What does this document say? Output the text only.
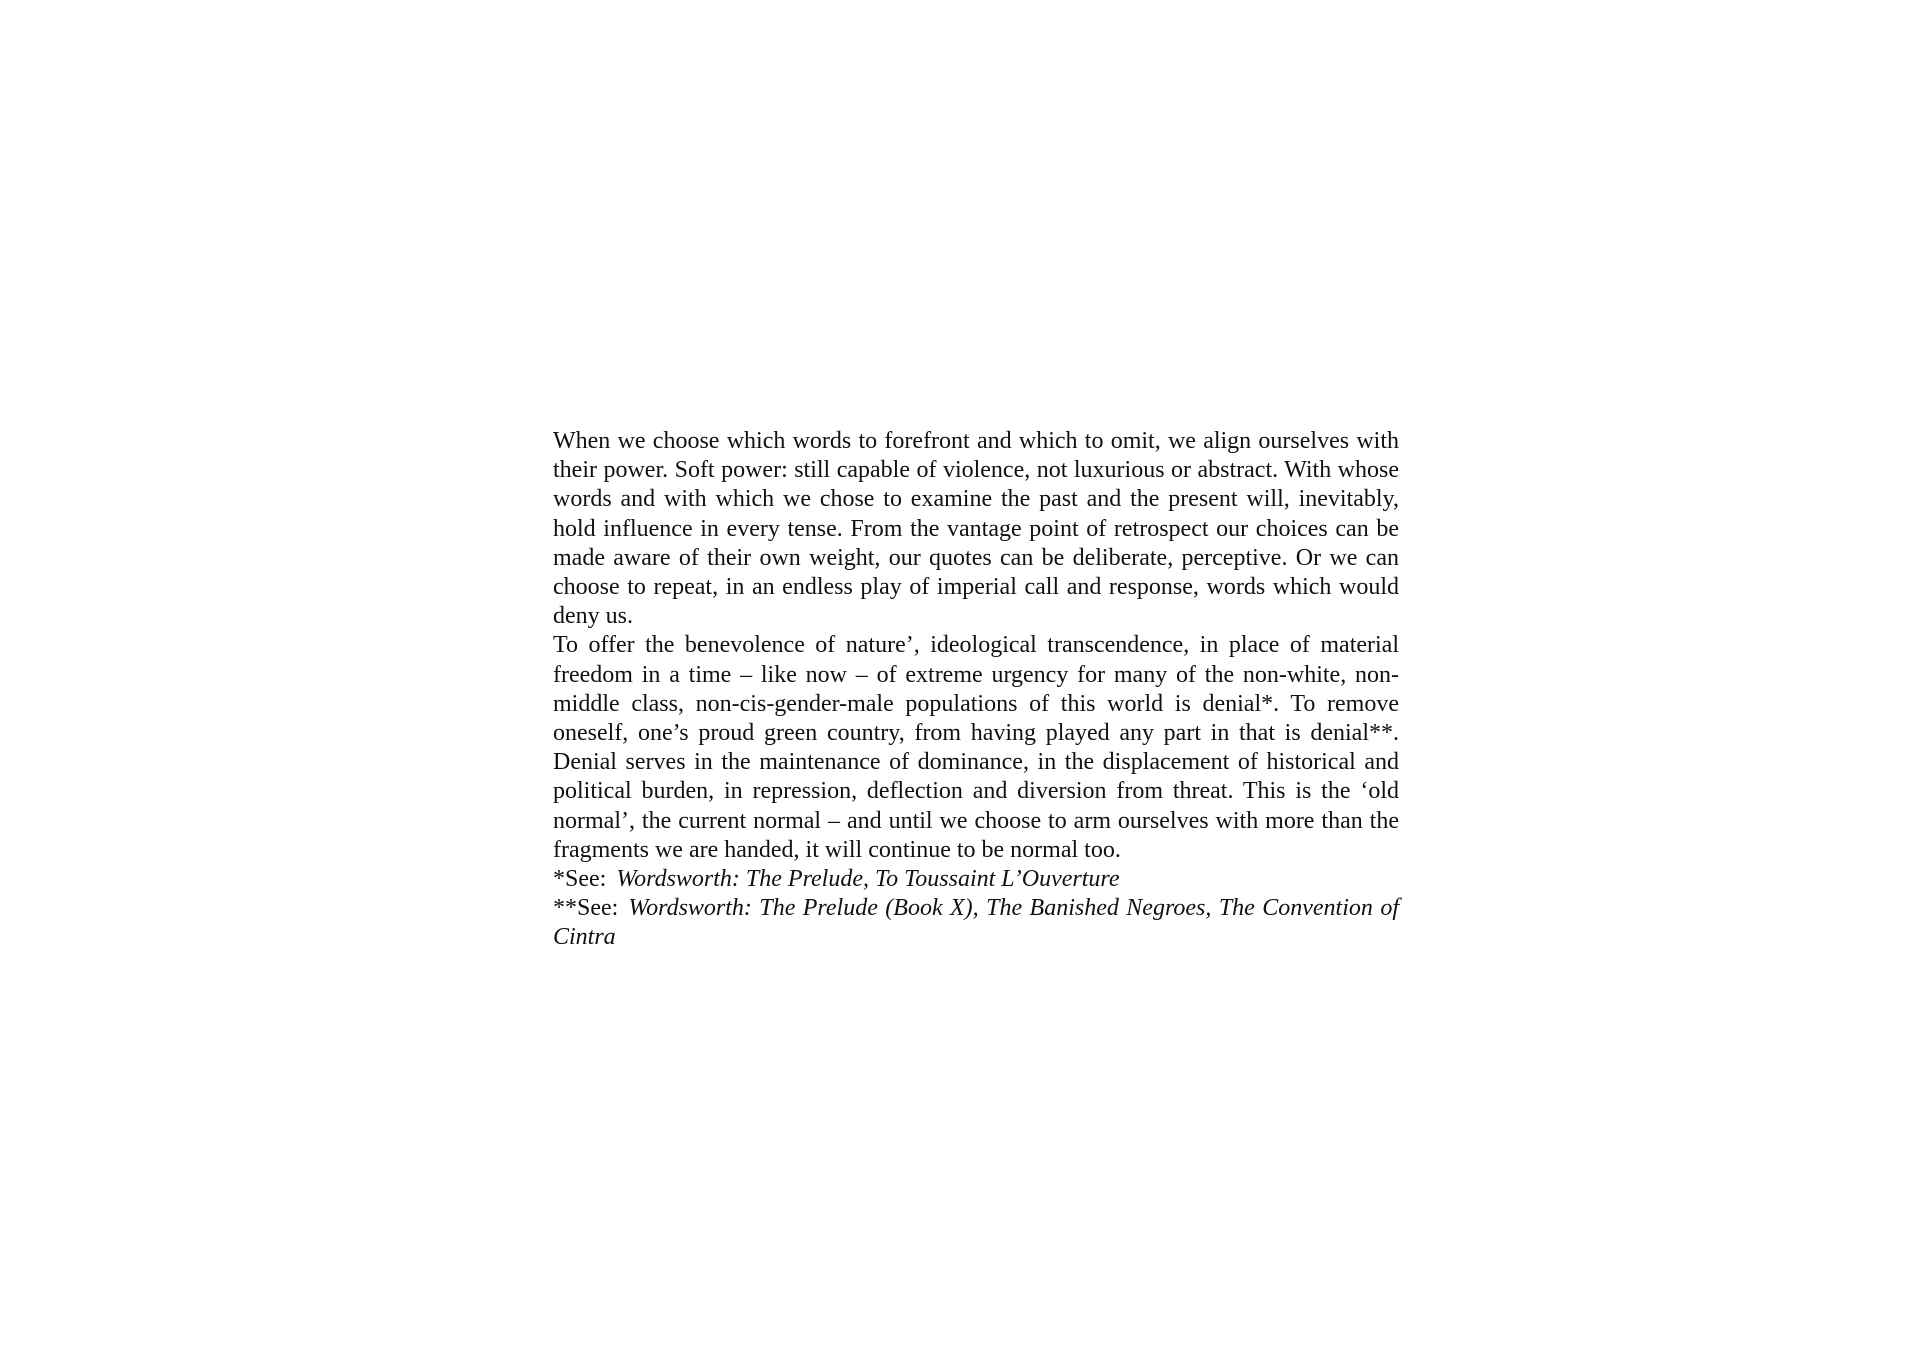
When we choose which words to forefront and which to omit, we align ourselves with their power. Soft power: still capable of violence, not luxurious or abstract. With whose words and with which we chose to examine the past and the present will, inevitably, hold influence in every tense. From the vantage point of retrospect our choices can be made aware of their own weight, our quotes can be deliberate, perceptive. Or we can choose to repeat, in an endless play of imperial call and response, words which would deny us.

To offer the benevolence of nature’, ideological transcendence, in place of material freedom in a time – like now – of extreme urgency for many of the non-white, non-middle class, non-cis-gender-male populations of this world is denial*. To remove oneself, one’s proud green country, from having played any part in that is denial**. Denial serves in the maintenance of dominance, in the displacement of historical and political burden, in repression, deflection and diversion from threat. This is the ‘old normal’, the current normal – and until we choose to arm ourselves with more than the fragments we are handed, it will continue to be normal too.

*See: Wordsworth: The Prelude, To Toussaint L’Ouverture

**See: Wordsworth: The Prelude (Book X), The Banished Negroes, The Convention of Cintra
